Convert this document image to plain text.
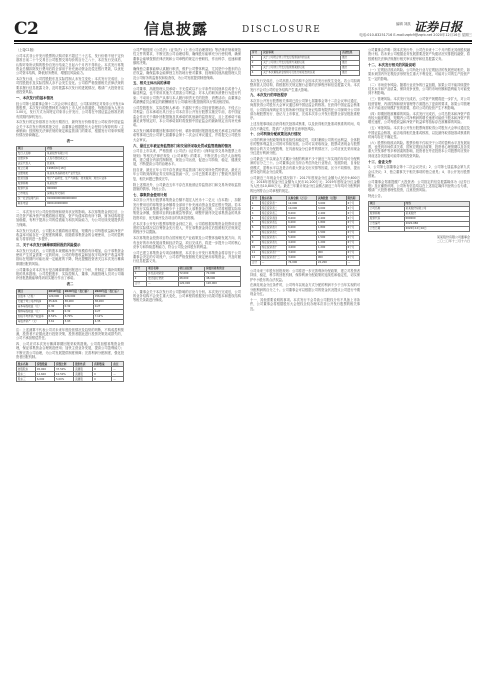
C2	信息披露	DISCLOSURE
编辑 刘凯 证券日报
电话:010-83251716 E-mail:zqrb9@zqrb.net 2020年12月16日 星期三
（上接C1版）
公司本次非公开发行股票的认购对象不超过三十五名，发行价格不低于定价基准日前二十个交易日公司股票交易均价的百分之八十，本次发行完成后，认购对象所认购的股份自发行结束之日起六个月内不得转让。本次发行募集资金总额扣除发行费用后将全部用于补充流动资金及偿还银行贷款，以优化公司资本结构，降低财务费用，增强抗风险能力。
本次发行前，公司控股股东及实际控制人未发生变化；本次发行完成后，公司控股股东及实际控制人亦不会发生变化。公司将严格按照相关法律法规的要求履行信息披露义务，及时披露本次发行的进展情况，敬请广大投资者注意投资风险。
一、本次发行的基本情况
经公司第七届董事会第十二次会议审议通过，公司拟向特定对象非公开发行A股股票，本次发行的股票种类为境内上市人民币普通股，每股面值为人民币1.00元，发行方式为向特定对象非公开发行，公司将在中国证监会核准后的有效期内择机发行。
本次发行的定价基准日为发行期首日，最终发行价格将在公司取得中国证监会关于本次发行的核准批文后，由董事会根据股东大会授权与保荐机构（主承销商）按照相关法律法规的规定和监管部门的要求，根据发行对象申购报价情况协商确定。
表一
项目	内容
发行人名称	某某股份有限公司
注册资本	人民币壹拾贰亿元
法定代表人	张某某
成立日期	1998年6月18日
注册地址	某省某市高新技术产业开发区
经营范围	电子产品研发、生产与销售；技术服务；进出口业务
股票简称	某某股份
股票代码	000000
上市地点	深圳证券交易所
统一社会信用代码	91000000000000000X
联系电话	0000-00000000
二、本次发行对公司经营管理和财务状况的影响。本次募集资金到位后，公司总资产和净资产规模将相应增加，资产负债率将有所下降，财务结构将更加稳健，有利于提高公司的偿债能力和抗风险能力，为公司后续发展提供有力保障。
本次发行完成后，公司股本总额将相应增加，短期内公司每股收益和净资产收益率可能存在一定程度的摊薄，但随着募集资金的合理使用，公司的盈利能力将得到进一步提升。
三、关于本次发行摊薄即期回报的风险提示
本次发行完成后，公司的股本规模和净资产规模将有所增加，由于募集资金使用产生效益需要一定的时间，公司的每股收益和加权平均净资产收益率等指标在短期内可能出现一定幅度的下降，特此提醒投资者关注本次发行摊薄即期回报的风险。
公司董事会对本次发行是否摊薄即期回报进行了分析，并制定了填补即期回报的具体措施，公司控股股东、实际控制人、董事、高级管理人员对公司填补回报措施能够得到切实履行作出了承诺。
表二
项目	2019年度	2020年度（发行前）	2020年度（发行后）
总股本（万股）	120,000	120,000	156,000
归属于母公司净利润	35,621	38,000	38,000
基本每股收益（元）	0.30	0.32	0.27
稀释每股收益（元）	0.30	0.32	0.27
加权平均净资产收益率	8.52%	8.79%	7.12%
每股净资产（元）	3.61	3.93	4.35
注：上述测算不代表公司对未来年度经营情况及趋势的判断，不构成盈利预测，投资者不应据此进行投资决策，投资者据此进行投资决策造成损失的，公司不承担赔偿责任。
四、公司应对本次发行摊薄即期回报采取的措施。公司将加强募集资金管理，保证募集资金合理规范使用；加快主营业务发展，提高公司盈利能力；不断完善公司治理，为公司发展提供制度保障；完善利润分配制度，强化投资者回报机制。
股东名称	持股数量	持股比例	股份性质	质押数量	备注
控股股东	45,000	37.50%	流通股	0	—
股东二	12,600	10.50%	流通股	0	—
股东三	6,000	5.00%	流通股	0	—
公司严格按照《公司法》《证券法》《上市公司治理准则》等法律法规和规范性文件的要求，不断完善公司治理结构，确保股东能够充分行使权利，确保董事会能够按照法律法规和公司章程的规定行使职权，作出科学、迅速和谨慎的决策。
确保独立董事能够认真履行职责，维护公司整体利益，尤其是中小股东的合法权益，确保监事会能够独立有效地行使对董事、经理和其他高级管理人员及公司财务的监督权和检查权，为公司发展提供制度保障。
五、相关主体出具的承诺
公司董事、高级管理人员承诺：不无偿或以不公平条件向其他单位或者个人输送利益，也不采用其他方式损害公司利益；对本人的职务消费行为进行约束；不动用公司资产从事与本人履行职责无关的投资、消费活动；由董事会或薪酬委员会制定的薪酬制度与公司填补回报措施的执行情况相挂钩。
公司控股股东、实际控制人承诺：不越权干预公司经营管理活动，不侵占公司利益；自本承诺出具日至公司本次非公开发行股票实施完毕前，若中国证监会作出关于填补回报措施及其承诺的其他新的监管规定，且上述承诺不能满足该等规定时，本公司承诺届时将按照中国证监会的最新规定出具补充承诺。
本次发行摊薄即期回报事项的分析、填补即期回报措施及相关承诺主体的承诺等事项已经公司第七届董事会第十二次会议审议通过，并将提交公司股东大会审议。
六、最近五年被证券监管部门和交易所采取处罚或监管措施的情况
公司自上市以来，严格按照《公司法》《证券法》《深圳证券交易所股票上市规则》等相关法律法规及《公司章程》的要求，不断完善公司法人治理结构，建立健全内部控制制度，规范公司运营，促进公司持续、稳定、健康发展，不断提高公司的治理水平。
经自查，最近五年公司不存在被证券监管部门和交易所处罚的情况。最近五年公司收到深圳证券交易所监管函一次，公司已按要求进行了整改并及时回复，相关问题已整改完毕。
除上述情况外，公司最近五年不存在其他被证券监管部门和交易所采取监管措施的情形。特此公告。
七、募集资金使用计划
本次非公开发行股票募集资金总额不超过人民币十二亿元（含本数），扣除发行费用后的募集资金净额将全部用于补充流动资金及偿还银行贷款。若本次发行实际募集资金净额少于上述拟投入募集资金总额，公司将根据实际募集资金净额，按照项目的轻重缓急等情况，调整并最终决定募集资金的具体投资项目、优先顺序及各项目的具体投资额。
在本次非公开发行股票募集资金到位之前，公司将根据募集资金投资项目进度的实际情况以自筹资金先行投入，并在募集资金到位后按照相关法规规定的程序予以置换。
本次募集资金投资项目符合国家相关产业政策及公司整体战略发展方向，具有良好的市场发展前景和经济效益，项目完成后，将进一步提升公司的核心竞争力和持续盈利能力，符合公司及全体股东的利益。
公司已建立募集资金专项存储制度，本次非公开发行募集资金将存放于公司董事会决定的专项账户，公司将严格按照相关规定使用募集资金，并及时履行信息披露义务。
序号	项目名称	项目总投资	拟使用募集资金
1	补充流动资金	72,000	72,000
2	偿还银行贷款	48,000	48,000
合计	—	120,000	120,000
八、董事会关于本次发行对公司影响的讨论与分析。本次发行完成后，公司的业务结构不会发生重大变化，公司章程将根据发行结果对股本和股权结构等相关条款进行修改。
序号	决议事项	表决结果
1	关于公司符合非公开发行股票条件的议案	通过
2	关于公司非公开发行股票方案的议案	通过
3	关于公司非公开发行股票预案的议案	通过
4	关于本次募集资金使用可行性分析报告的议案	通过
本次发行完成后，公司高管人员结构不会因本次发行而发生变化。若公司拟调整高管人员结构，将根据有关规定履行必要的法律程序和信息披露义务。本次发行不会对公司的业务结构产生重大影响。
九、本次发行的审批程序
本次非公开发行股票相关事项已经公司第七届董事会第十二次会议审议通过，尚需获得公司股东大会审议通过和中国证监会的核准。在获得中国证监会核准后，公司将向深圳证券交易所和中国证券登记结算有限责任公司深圳分公司申请办理股票发行、登记与上市事宜，完成本次非公开发行股票全部呈报批准程序。
上述呈报事项能否获得相关批准或核准，以及获得相关批准或核准的时间，均存在不确定性，提请广大投资者注意审批风险。
十、公司利润分配政策及执行情况
公司的利润分配政策保持连续性和稳定性，同时兼顾公司的长远利益、全体股东的整体利益及公司的可持续发展。公司可以采取现金、股票或者现金与股票相结合的方式分配股利，在具备现金分红条件的情况下，公司应优先采用现金分红进行利润分配。
公司最近三年以现金方式累计分配的利润不少于最近三年实现的年均可分配利润的百分之三十。公司董事会应当综合考虑所处行业特点、发展阶段、自身经营模式、盈利水平以及是否有重大资金支出安排等因素，区分不同情形，提出差异化的现金分红政策。
公司最近三年现金分红情况如下：2017年度现金分红金额为人民币9,600万元；2018年度现金分红金额为人民币10,200万元；2019年度现金分红金额为人民币10,800万元。最近三年累计现金分红金额占最近三年年均可分配利润的比例符合公司章程的规定。
序号	股东名称	认购金额（万元）	认购股数（万股）	限售期
1	特定投资者一	12,000	3,600	6个月
2	特定投资者二	10,000	3,000	6个月
3	特定投资者三	8,000	2,400	6个月
4	特定投资者四	8,000	2,400	6个月
5	特定投资者五	6,000	1,800	6个月
6	特定投资者六	6,000	1,800	6个月
7	特定投资者七	5,000	1,500	6个月
8	特定投资者八	5,000	1,500	6个月
9	特定投资者九	4,000	1,200	6个月
10	特定投资者十	4,000	1,200	6个月
11	特定投资者十一	3,000	900	6个月
12	特定投资者十二	3,000	900	6个月
合计	—	74,000	22,200	—
公司未来三年股东回报规划：公司将进一步完善利润分配政策，建立对投资者持续、稳定、科学的回报机制，保持利润分配政策的连续性和稳定性，切实保护中小股东的合法权益。
在满足现金分红条件时，公司每年以现金方式分配的利润不少于当年实现的可分配利润的百分之十。公司董事会可以根据公司的资金状况提议公司进行中期现金分红。
十一、其他需要说明的事项。本次发行不会导致公司股权分布不具备上市条件，公司董事会将根据股东大会授权全权办理本次非公开发行股票的相关事宜。
公司董事会声明：除本次发行外，公司在未来十二个月内暂无其他股权融资计划。若未来公司根据业务发展需要及资产负债状况安排股权融资，将按照相关法律法规履行相关审议程序和信息披露义务。
十二、本次发行相关的风险说明
（一）宏观经济波动风险。公司所处行业与宏观经济的发展密切相关，如果未来国内外宏观经济形势发生重大不利变化，可能对公司的生产经营产生一定的影响。
（二）市场竞争风险。随着行业竞争的日益加剧，如果公司不能持续提升技术水平和产品质量，保持竞争优势，公司的市场份额和盈利能力可能受到不利影响。
（三）管理风险。本次发行完成后，公司资产规模将进一步扩大，对公司经营管理、内部控制和财务管理等方面提出了更高的要求，如果公司管理水平不能适应规模扩张的需要，将对公司的经营产生不利影响。
（四）即期回报被摊薄的风险。本次发行完成后，公司总股本和净资产将有较大幅度增加，短期内公司净利润的增长速度可能低于股本和净资产的增长速度，公司每股收益和净资产收益率等指标存在被摊薄的风险。
（五）审批风险。本次非公开发行股票尚需取得公司股东大会审议通过及中国证监会核准，能否取得相关批准或核准，以及最终取得批准或核准的时间均存在不确定性。
（六）股票价格波动风险。股票价格不仅取决于公司的盈利水平及发展前景，也受到市场供求关系、国家宏观经济政策、投资者心理预期以及各类重大突发事件等多种因素的影响，投资者在考虑投资本公司股票时应预计到前述各类因素可能带来的投资风险。
十三、备查文件
1、公司第七届董事会第十二次会议决议；2、公司第七届监事会第九次会议决议；3、独立董事关于相关事项的独立意见；4、非公开发行股票预案。
公司董事会郑重提醒广大投资者：公司指定的信息披露媒体为《证券日报》及巨潮资讯网，公司所有信息均以在上述指定媒体刊登的公告为准，敬请广大投资者理性投资，注意投资风险。
特此公告。
项目	内容
公司名称	某某股份有限公司
股票简称	某某股份
股票代码	000000
公告编号	2020-086
公告日期	2020年12月16日
某某股份有限公司董事会
二〇二〇年十二月十六日
